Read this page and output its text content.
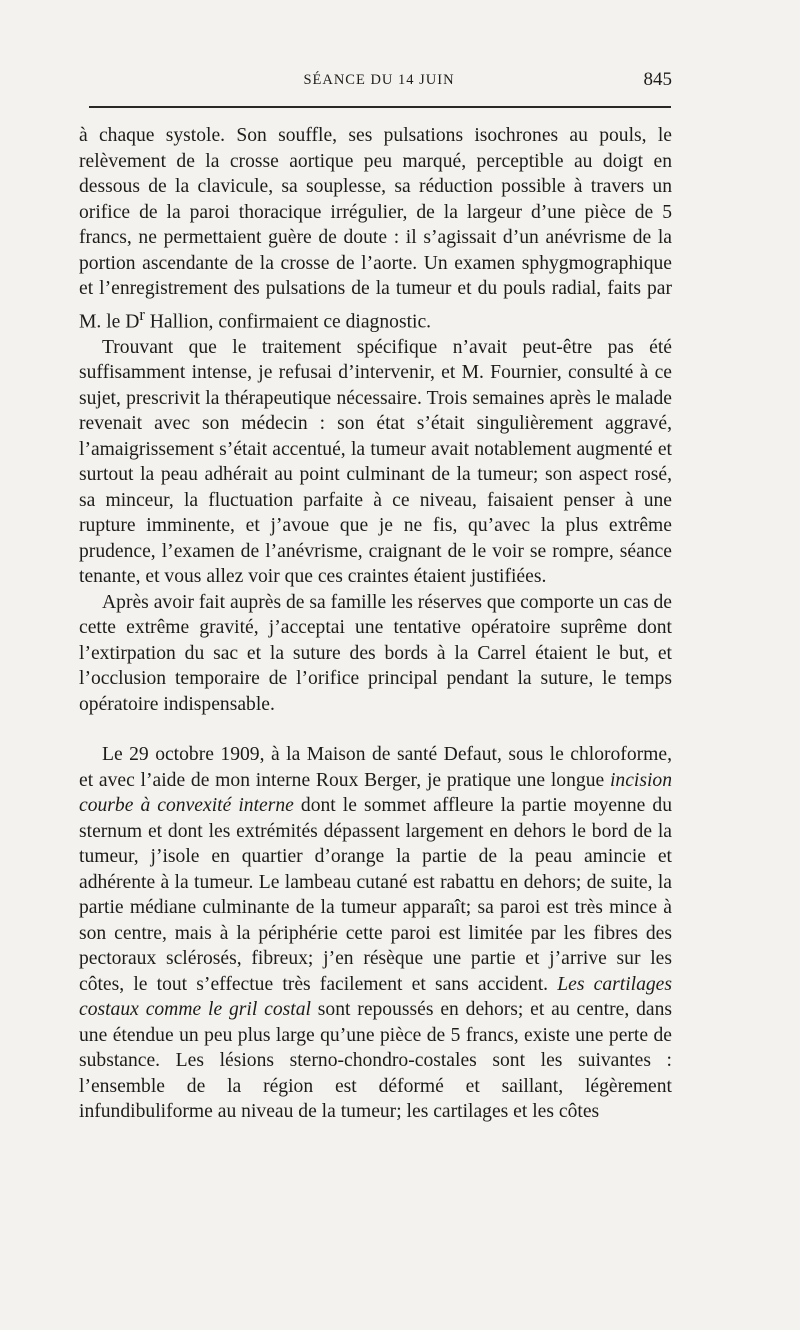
SÉANCE DU 14 JUIN	845

à chaque systole. Son souffle, ses pulsations isochrones au pouls, le relèvement de la crosse aortique peu marqué, perceptible au doigt en dessous de la clavicule, sa souplesse, sa réduction possible à travers un orifice de la paroi thoracique irrégulier, de la largeur d’une pièce de 5 francs, ne permettaient guère de doute : il s’agissait d’un anévrisme de la portion ascendante de la crosse de l’aorte. Un examen sphygmographique et l’enregistrement des pulsations de la tumeur et du pouls radial, faits par M. le $D^r$ Hallion, confirmaient ce diagnostic.

Trouvant que le traitement spécifique n’avait peut-être pas été suffisamment intense, je refusai d’intervenir, et M. Fournier, consulté à ce sujet, prescrivit la thérapeutique nécessaire. Trois semaines après le malade revenait avec son médecin : son état s’était singulièrement aggravé, l’amaigrissement s’était accentué, la tumeur avait notablement augmenté et surtout la peau adhérait au point culminant de la tumeur; son aspect rosé, sa minceur, la fluctuation parfaite à ce niveau, faisaient penser à une rupture imminente, et j’avoue que je ne fis, qu’avec la plus extrême prudence, l’examen de l’anévrisme, craignant de le voir se rompre, séance tenante, et vous allez voir que ces craintes étaient justifiées.

Après avoir fait auprès de sa famille les réserves que comporte un cas de cette extrême gravité, j’acceptai une tentative opératoire suprême dont l’extirpation du sac et la suture des bords à la Carrel étaient le but, et l’occlusion temporaire de l’orifice principal pendant la suture, le temps opératoire indispensable.

Le 29 octobre 1909, à la Maison de santé Defaut, sous le chloroforme, et avec l’aide de mon interne Roux Berger, je pratique une longue incision courbe à convexité interne dont le sommet affleure la partie moyenne du sternum et dont les extrémités dépassent largement en dehors le bord de la tumeur, j’isole en quartier d’orange la partie de la peau amincie et adhérente à la tumeur. Le lambeau cutané est rabattu en dehors; de suite, la partie médiane culminante de la tumeur apparaît; sa paroi est très mince à son centre, mais à la périphérie cette paroi est limitée par les fibres des pectoraux sclérosés, fibreux; j’en résèque une partie et j’arrive sur les côtes, le tout s’effectue très facilement et sans accident. Les cartilages costaux comme le gril costal sont repoussés en dehors; et au centre, dans une étendue un peu plus large qu’une pièce de 5 francs, existe une perte de substance. Les lésions sterno-chondro-costales sont les suivantes : l’ensemble de la région est déformé et saillant, légèrement infundibuliforme au niveau de la tumeur; les cartilages et les côtes
